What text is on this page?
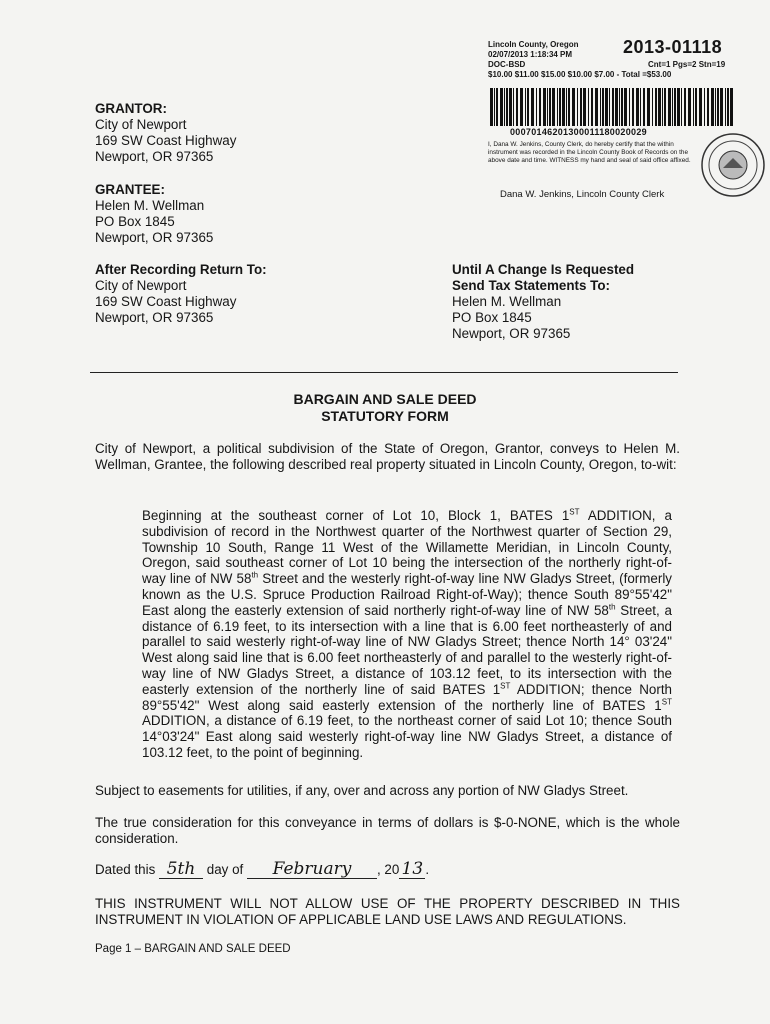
Lincoln County, Oregon
02/07/2013 1:18:34 PM
DOC-BSD
$10.00 $11.00 $15.00 $10.00 $7.00 - Total =$53.00
Cnt=1 Pgs=2 Stn=19
2013-01118
00070146201300011180020029
I, Dana W. Jenkins, County Clerk, do hereby certify that the within instrument was recorded in the Lincoln County Book of Records on the above date and time. WITNESS my hand and seal of said office affixed.
Dana W. Jenkins, Lincoln County Clerk
GRANTOR:
City of Newport
169 SW Coast Highway
Newport, OR 97365
GRANTEE:
Helen M. Wellman
PO Box 1845
Newport, OR 97365
After Recording Return To:
City of Newport
169 SW Coast Highway
Newport, OR 97365
Until A Change Is Requested
Send Tax Statements To:
Helen M. Wellman
PO Box 1845
Newport, OR 97365
BARGAIN AND SALE DEED
STATUTORY FORM
City of Newport, a political subdivision of the State of Oregon, Grantor, conveys to Helen M. Wellman, Grantee, the following described real property situated in Lincoln County, Oregon, to-wit:
Beginning at the southeast corner of Lot 10, Block 1, BATES 1ST ADDITION, a subdivision of record in the Northwest quarter of the Northwest quarter of Section 29, Township 10 South, Range 11 West of the Willamette Meridian, in Lincoln County, Oregon, said southeast corner of Lot 10 being the intersection of the northerly right-of-way line of NW 58th Street and the westerly right-of-way line NW Gladys Street, (formerly known as the U.S. Spruce Production Railroad Right-of-Way); thence South 89°55'42" East along the easterly extension of said northerly right-of-way line of NW 58th Street, a distance of 6.19 feet, to its intersection with a line that is 6.00 feet northeasterly of and parallel to said westerly right-of-way line of NW Gladys Street; thence North 14° 03'24" West along said line that is 6.00 feet northeasterly of and parallel to the westerly right-of-way line of NW Gladys Street, a distance of 103.12 feet, to its intersection with the easterly extension of the northerly line of said BATES 1ST ADDITION; thence North 89°55'42" West along said easterly extension of the northerly line of BATES 1ST ADDITION, a distance of 6.19 feet, to the northeast corner of said Lot 10; thence South 14°03'24" East along said westerly right-of-way line NW Gladys Street, a distance of 103.12 feet, to the point of beginning.
Subject to easements for utilities, if any, over and across any portion of NW Gladys Street.
The true consideration for this conveyance in terms of dollars is $-0-NONE, which is the whole consideration.
Dated this 5th day of February , 20 13 .
THIS INSTRUMENT WILL NOT ALLOW USE OF THE PROPERTY DESCRIBED IN THIS INSTRUMENT IN VIOLATION OF APPLICABLE LAND USE LAWS AND REGULATIONS.
Page 1 – BARGAIN AND SALE DEED
